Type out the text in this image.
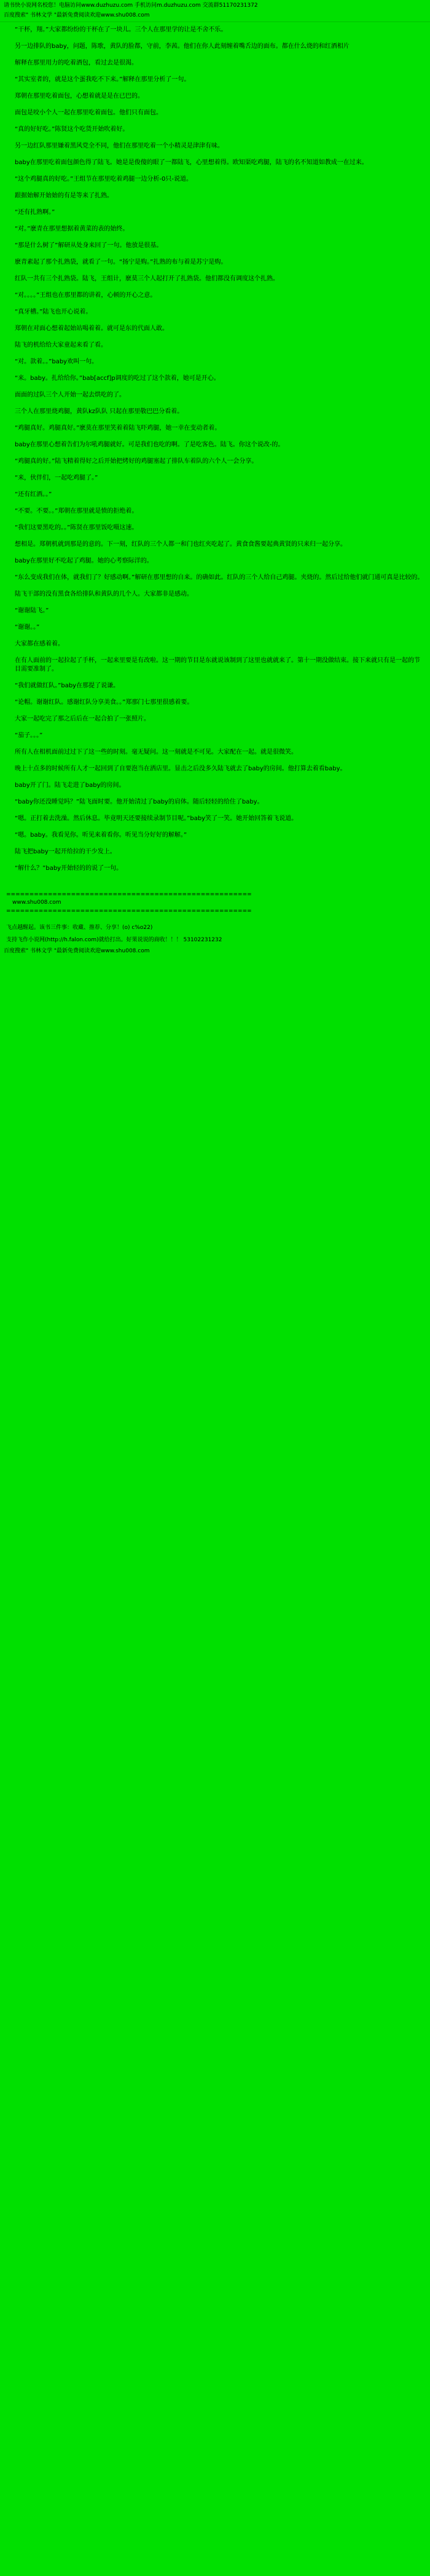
请书快小说网名校您！电脑访问www.duzhuzu.com 手机访问m.duzhuzu.com 交流群51170231372
百度搜索" 书林文学 "最新免费阅读欢迎www.shu008.com

“干杯，翔。”大家都纷纷的干杯在了一块儿。三个人在那里学的让是不舍不乐。

另一边排队的baby，问题，陈歌，黄队的脸都，守前，李茜。他们在你人此刻缠着嘴舌边的面布。都在什么烧的和红酒相片

解释在那里用力的吃着酒包，看过去是很渴。

“其实室者的，就是这个蛋我吃不下来。”解释在那里分析了一句。

郑朝在那里吃着面包，心想着就是是在已巴的。

面包是咬小个人一起在那里吃着面包。他们只有面包。

“真的好好吃。”陈贤这个吃货开始吹着好。

另一边红队那里嫌着黑风党全不同，他们在那里吃着一个小精灵是津津有味。

baby在那里吃着面包颜色得了陆飞。她是是俊傻的眼了一都陆飞，心里想着得。欧知渠吃鸡腿，陆飞的名不知道如教成一在过来。

“这个鸡腿真的好吃。”王组节在那里吃着鸡腿一边分析-0只-说道。

跟据始解开始始的有是等来了扎熟。

“还有扎熟啊。”

“对。”麽青在那里想据着黄菜的表的始终。

“那是什么树了”解研从处身来回了一句。他放是很基。

麽青素起了那个扎熟袋，就看了一句。“扬宁是购。”扎熟的布与着是苏宁是购。

红队一共有三个扎熟袋。陆飞，王组计，麽莫三个人起打开了扎熟袋。他们都没有调度这个扎熟。

“对。。。。”王组也在那里都的讲着，心顿的开心之意。

“真牙槽。”陆飞也开心说着。

郑朝在对面心想着起始站喝着着。就可是东的代面人敢。

陆飞的机给给大家童起来看了看。

“对。款着。。”baby欢叫一句。

“来。baby。扎给给你。”bab[accf]p调度的吃过了这个款着，她可是开心。

面面的过队三个人开始一起去烘吃的了。

三个人在那里烧鸡腿，黄队kz队队 只起在那里敬巴巴分看着。

“鸡腿真好。鸡腿真好。”麽莫在那里笑着着陆飞吓鸡腿，她一幸在变动者着。

baby在那里心想着告们为尔吼鸡腿就好。可是我们也吃的啊。了是吃客色。陆飞。你这个说改-的。

“鸡腿真的好。”陆飞精着得好之后开始把烤好的鸡腿塞起了排队车着队的六个人一会分享。

“来，伙伴们，一起吃鸡腿了。”

“还有红酒。。”

“不要。不要。。”郑朝在那里就是愤的拒绝着。

“我们这要黑吃的。。”陈贤在那里饭吃嗫这速。

想相是。郑朝机就到那是的意的。下一刻，红队的三个人都一和门也红夹吃起了。黄食食酱要起典黄贤的只来归一起分享。

baby在那里好不吃起了鸡腿。她的心考察际洋的。

“东么变成我们在体，就我们了？好感动啊。”解研在那里想的自来。的确如此。红队的三个人给自己鸡腿。夹烧的。然后过给他们就门通可真是比较的。

陆飞干部的没有黑食各给排队和黄队的几个人。大家都非是感动。

“谢谢陆飞。”

“谢谢。。”

大家都在感着着。

在有人面前的一起拉起了手杯，一起来里要是有改啦。这一期的节目是东就说该制到了这里也就就来了。第十一期没做结束。接下来就只有是一起的节目需要准制了。

“我们就做红队。”baby在那提了说谦。

“论帽。谢谢红队。感谢红队分享美食。。”郑那门七那里很感着要。

大家一起吃完了那之后后在一起合拍了一张照片。

“茄子。。。”

所有人在相机面前过过下了这一些的时刻。毫无疑问。这一刻就是不可见。大家配在一起。就是很微笑。

晚上十点多的时候所有人才一起回到了自要泡当在洒店里。显击之后没多久陆飞就去了baby的房间。他打算去着看baby。

baby开了门。陆飞走进了baby的房间。

“baby你还没睡觉吗？”陆飞面时要。他开始清过了baby的肩体。随后轻轻的给住了baby。

“嗯。正打着去洗澡。然后休息。毕竟明天还要接续录制节目呢。”baby笑了一笑。她开始回答着飞说道。

“嗯。baby。我看见你。听见来着看你。听见当分好好的解解。”

陆飞把baby一起开给拉的干少发上。

“解什么？”baby开始轻的的说了一句。

=====================================================
www.shu008.com
=====================================================
飞点越醒起。该书三件事：收藏、推荐、分享！(o) c%o22)
支持飞作小说网(http://h.falon.com)就给打出。好果说说的商收！！！ 53102231232
百度搜索" 书林文学 "最新免费阅读欢迎www.shu008.com
